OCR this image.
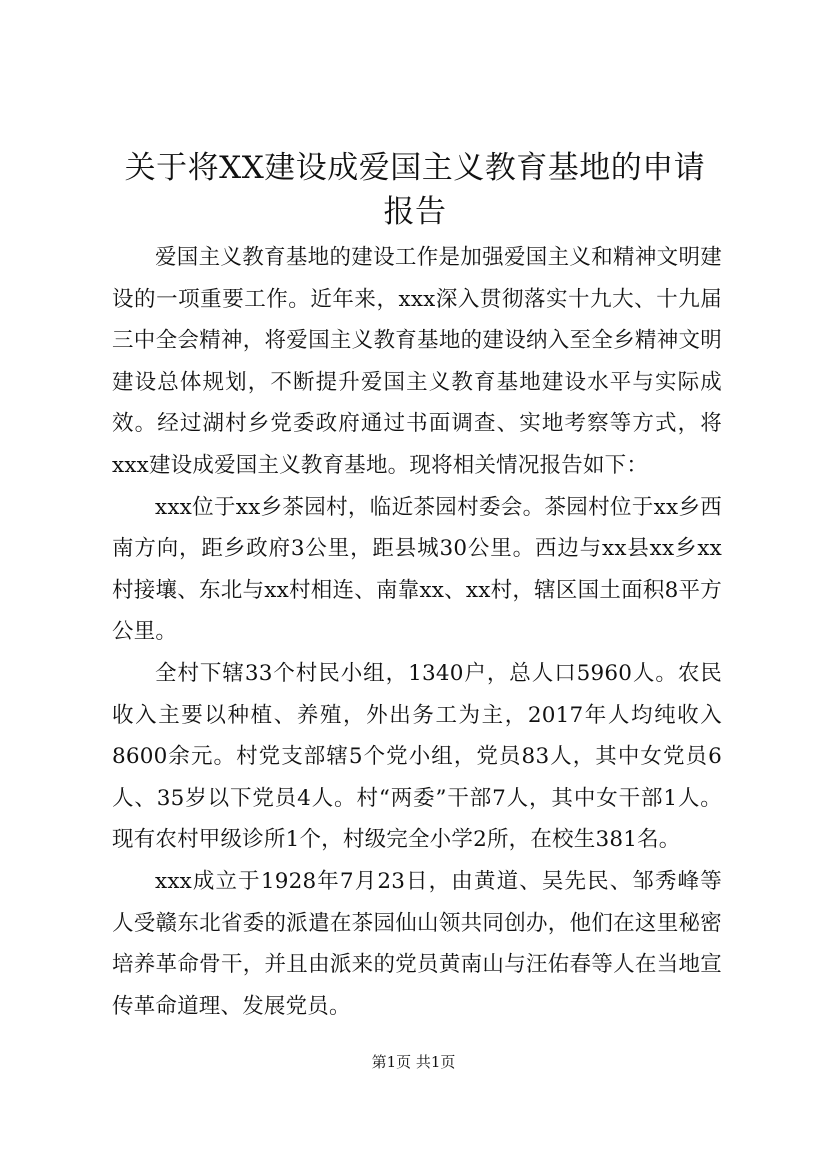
关于将XX建设成爱国主义教育基地的申请报告

爱国主义教育基地的建设工作是加强爱国主义和精神文明建设的一项重要工作。近年来，xxx深入贯彻落实十九大、十九届三中全会精神，将爱国主义教育基地的建设纳入至全乡精神文明建设总体规划，不断提升爱国主义教育基地建设水平与实际成效。经过湖村乡党委政府通过书面调查、实地考察等方式，将xxx建设成爱国主义教育基地。现将相关情况报告如下：

xxx位于xx乡茶园村，临近茶园村委会。茶园村位于xx乡西南方向，距乡政府3公里，距县城30公里。西边与xx县xx乡xx村接壤、东北与xx村相连、南靠xx、xx村，辖区国土面积8平方公里。

全村下辖33个村民小组，1340户，总人口5960人。农民收入主要以种植、养殖，外出务工为主，2017年人均纯收入8600余元。村党支部辖5个党小组，党员83人，其中女党员6人、35岁以下党员4人。村“两委”干部7人，其中女干部1人。现有农村甲级诊所1个，村级完全小学2所，在校生381名。

xxx成立于1928年7月23日，由黄道、吴先民、邹秀峰等人受赣东北省委的派遣在茶园仙山领共同创办，他们在这里秘密培养革命骨干，并且由派来的党员黄南山与汪佑春等人在当地宣传革命道理、发展党员。

第1页 共1页
